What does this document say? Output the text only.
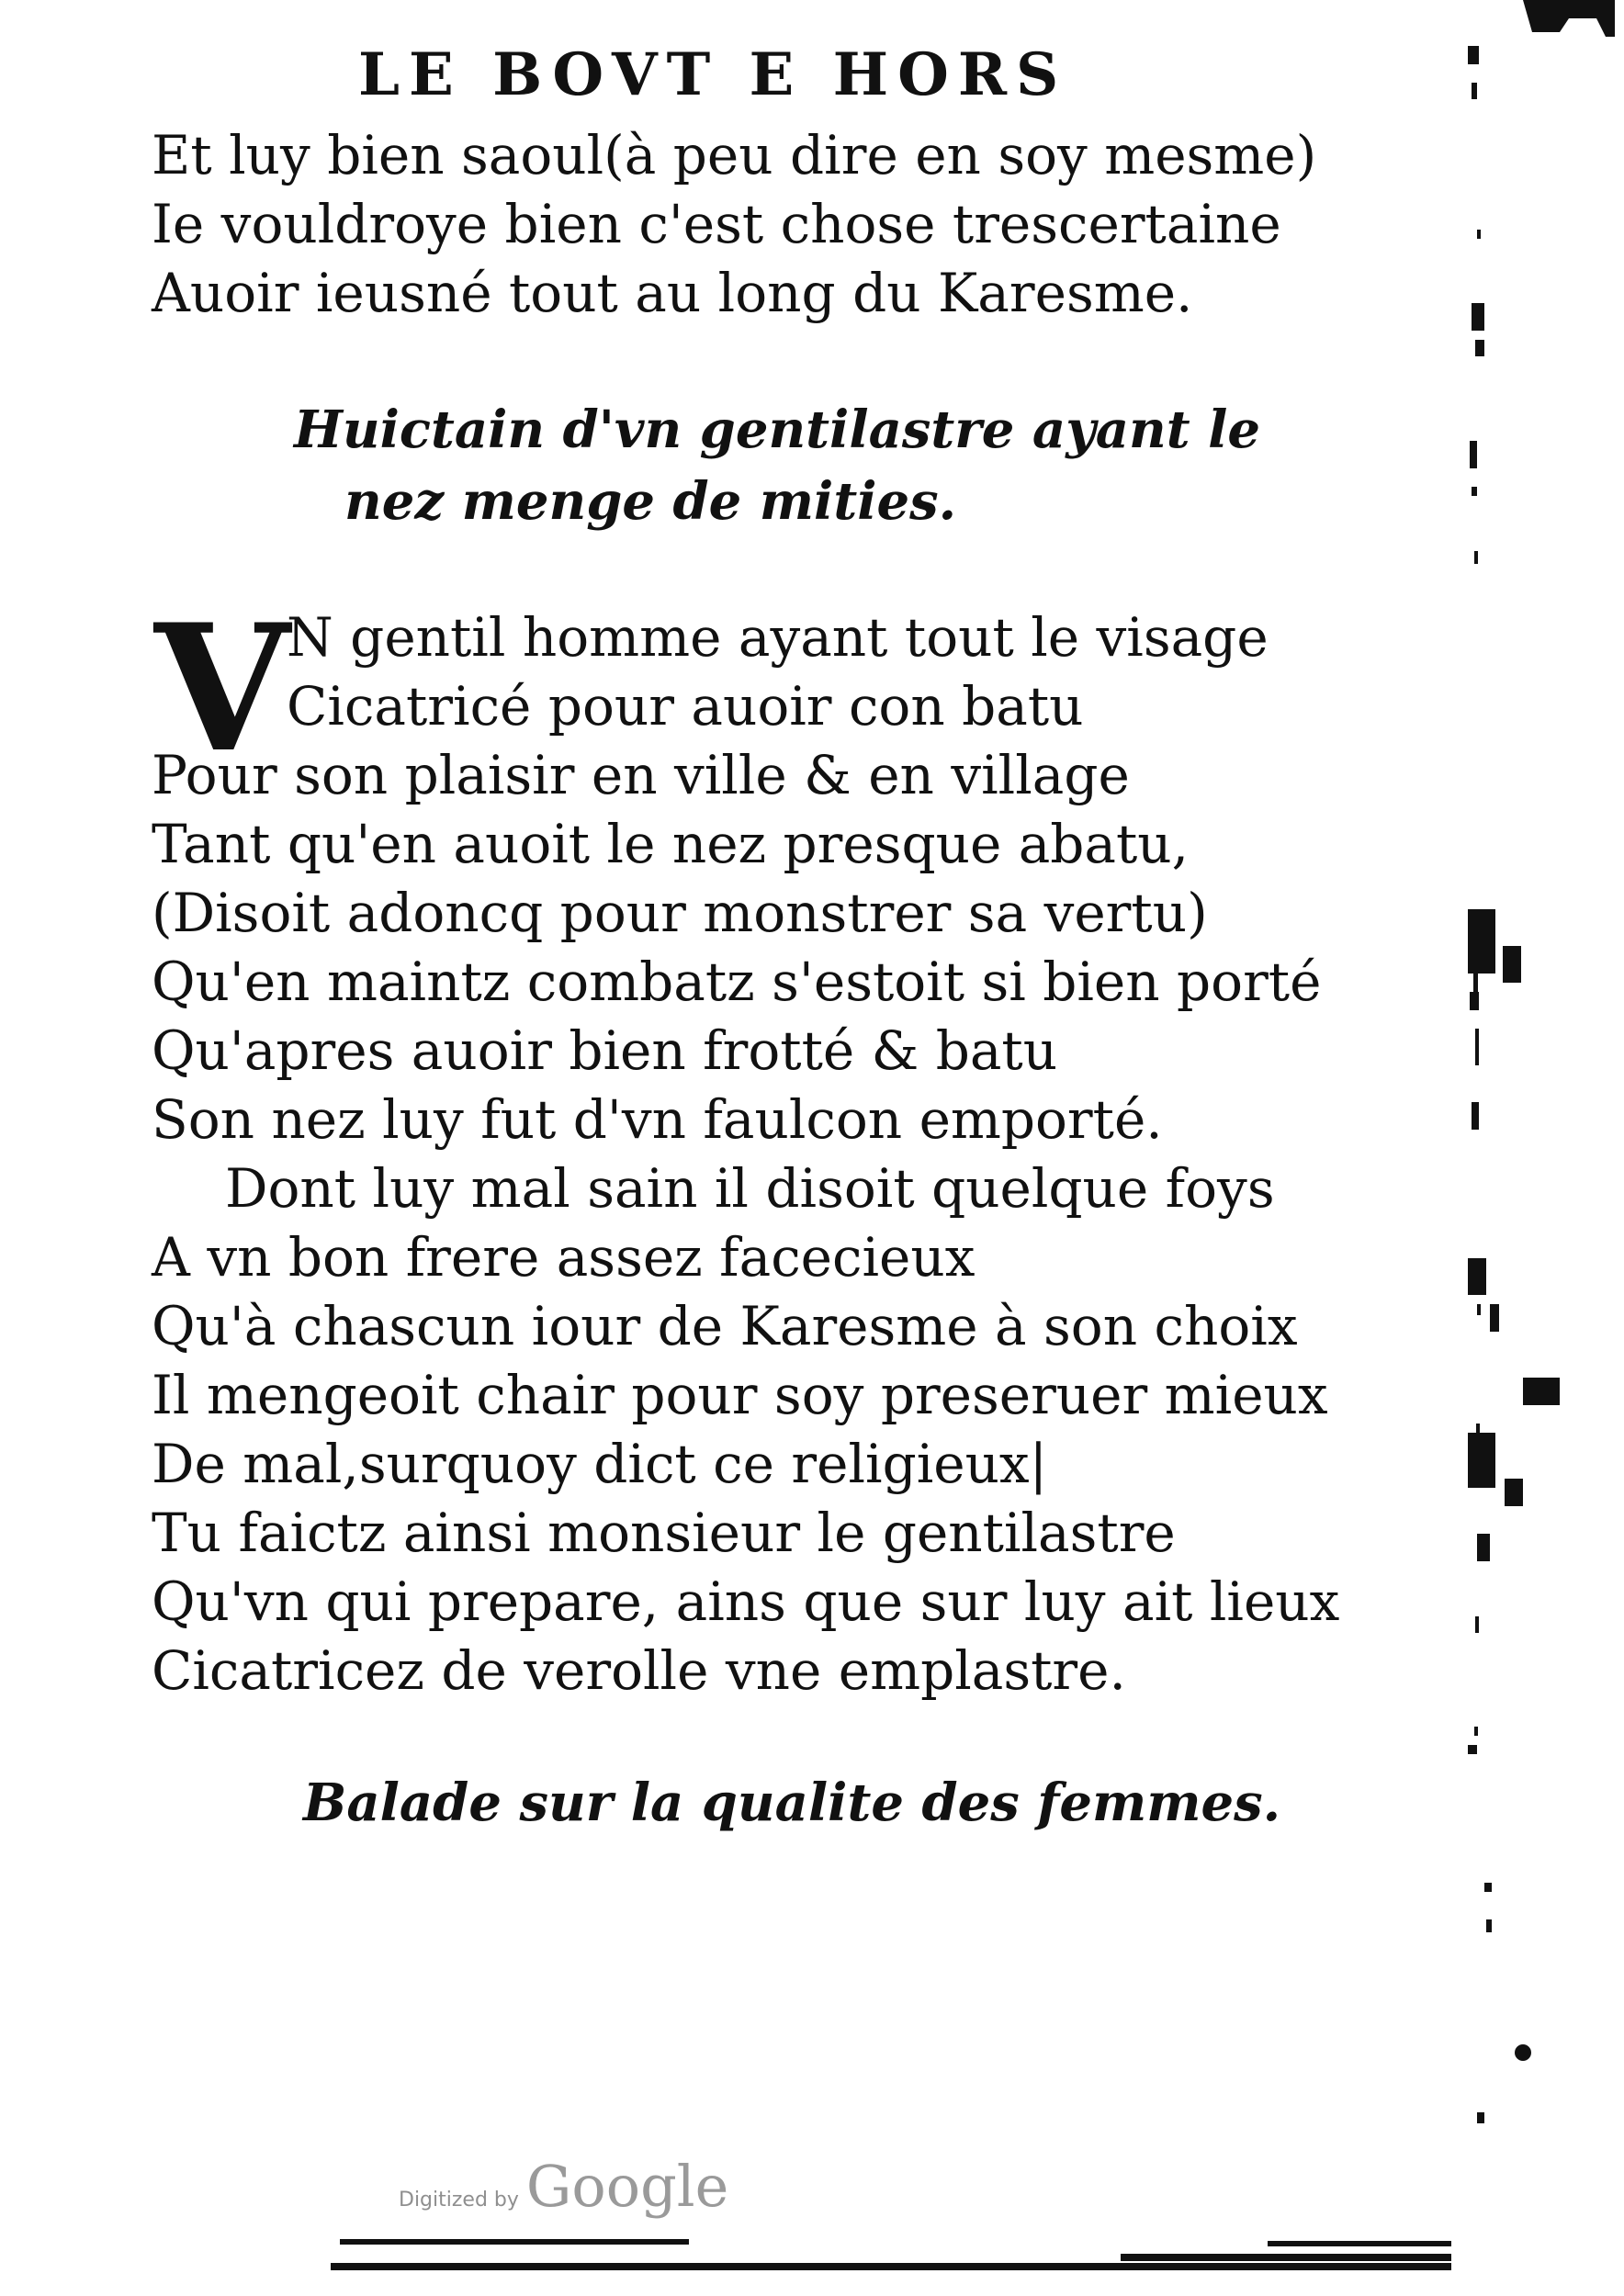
LE BOVT E HORS
Et luy bien saoul(à peu dire en soy mesme)
Ie vouldroye bien c'est chose trescertaine
Auoir ieusné tout au long du Karesme.
Huictain d'vn gentilastre ayant le
nez menge de mities.
V
N gentil homme ayant tout le visage
Cicatricé pour auoir con batu
Pour son plaisir en ville & en village
Tant qu'en auoit le nez presque abatu,
(Disoit adoncq pour monstrer sa vertu)
Qu'en maintz combatz s'estoit si bien porté
Qu'apres auoir bien frotté & batu
Son nez luy fut d'vn faulcon emporté.
Dont luy mal sain il disoit quelque foys
A vn bon frere assez facecieux
Qu'à chascun iour de Karesme à son choix
Il mengeoit chair pour soy preseruer mieux
De mal,surquoy dict ce religieux|
Tu faictz ainsi monsieur le gentilastre
Qu'vn qui prepare, ains que sur luy ait lieux
Cicatricez de verolle vne emplastre.
Balade sur la qualite des femmes.
Digitized by Google
